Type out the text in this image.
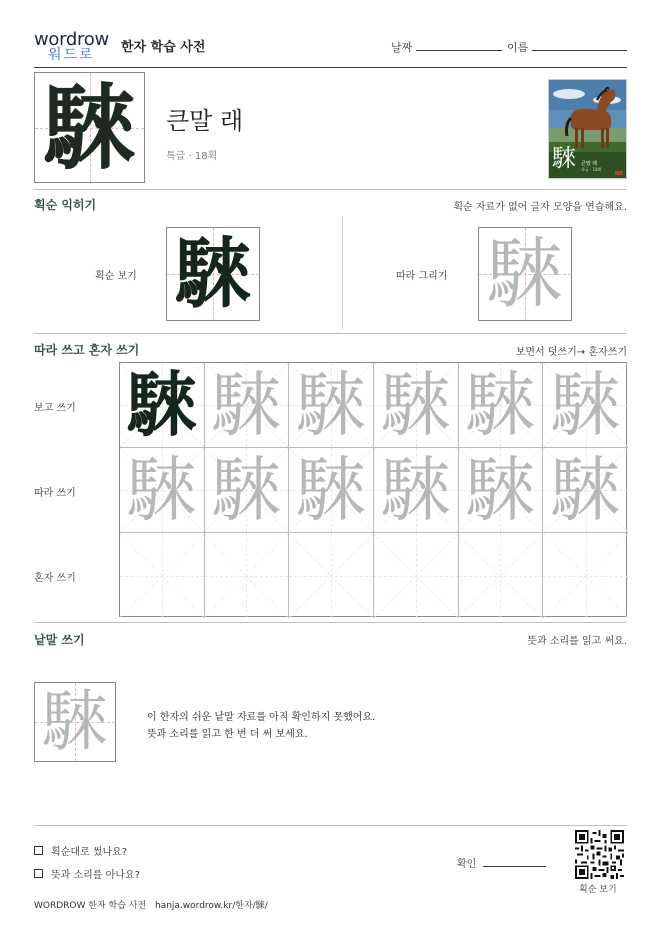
wordrow
워드로 한자 학습 사전	날짜	이름
騋	큰말 래
특급 · 18획	騋 큰말 래
특급 · 18획
획순 익히기	획순 자료가 없어 글자 모양을 연습해요.
획순 보기 騋	따라 그리기 騋
따라 쓰고 혼자 쓰기	보면서 덧쓰기→ 혼자쓰기
보고 쓰기
따라 쓰기
혼자 쓰기
騋 騋 騋 騋 騋 騋
騋 騋 騋 騋 騋 騋
낱말 쓰기	뜻과 소리를 읽고 써요.
騋	이 한자의 쉬운 낱말 자료를 아직 확인하지 못했어요.
뜻과 소리를 읽고 한 번 더 써 보세요.
획순대로 썼나요?
뜻과 소리를 아나요?
확인
획순 보기
WORDROW 한자 학습 사전 hanja.wordrow.kr/한자/騋/
